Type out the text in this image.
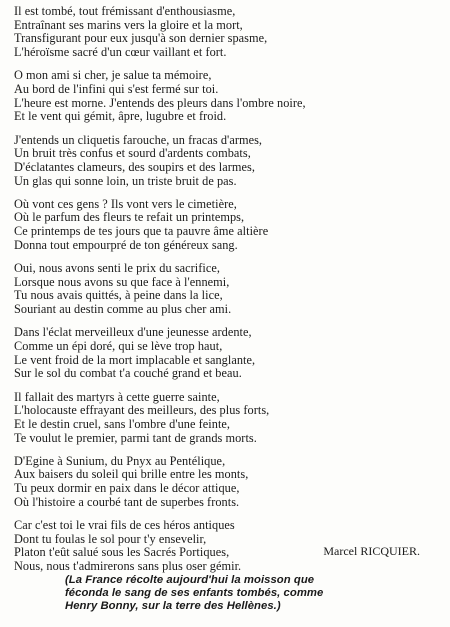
Il est tombé, tout frémissant d'enthousiasme,
Entraînant ses marins vers la gloire et la mort,
Transfigurant pour eux jusqu'à son dernier spasme,
L'héroïsme sacré d'un cœur vaillant et fort.
O mon ami si cher, je salue ta mémoire,
Au bord de l'infini qui s'est fermé sur toi.
L'heure est morne. J'entends des pleurs dans l'ombre noire,
Et le vent qui gémit, âpre, lugubre et froid.
J'entends un cliquetis farouche, un fracas d'armes,
Un bruit très confus et sourd d'ardents combats,
D'éclatantes clameurs, des soupirs et des larmes,
Un glas qui sonne loin, un triste bruit de pas.
Où vont ces gens ? Ils vont vers le cimetière,
Où le parfum des fleurs te refait un printemps,
Ce printemps de tes jours que ta pauvre âme altière
Donna tout empourpré de ton généreux sang.
Oui, nous avons senti le prix du sacrifice,
Lorsque nous avons su que face à l'ennemi,
Tu nous avais quittés, à peine dans la lice,
Souriant au destin comme au plus cher ami.
Dans l'éclat merveilleux d'une jeunesse ardente,
Comme un épi doré, qui se lève trop haut,
Le vent froid de la mort implacable et sanglante,
Sur le sol du combat t'a couché grand et beau.
Il fallait des martyrs à cette guerre sainte,
L'holocauste effrayant des meilleurs, des plus forts,
Et le destin cruel, sans l'ombre d'une feinte,
Te voulut le premier, parmi tant de grands morts.
D'Egine à Sunium, du Pnyx au Pentélique,
Aux baisers du soleil qui brille entre les monts,
Tu peux dormir en paix dans le décor attique,
Où l'histoire a courbé tant de superbes fronts.
Car c'est toi le vrai fils de ces héros antiques
Dont tu foulas le sol pour t'y ensevelir,
Platon t'eût salué sous les Sacrés Portiques,
Nous, nous t'admirerons sans plus oser gémir.
Marcel RICQUIER.
(La France récolte aujourd'hui la moisson que
féconda le sang de ses enfants tombés, comme
Henry Bonny, sur la terre des Hellènes.)
